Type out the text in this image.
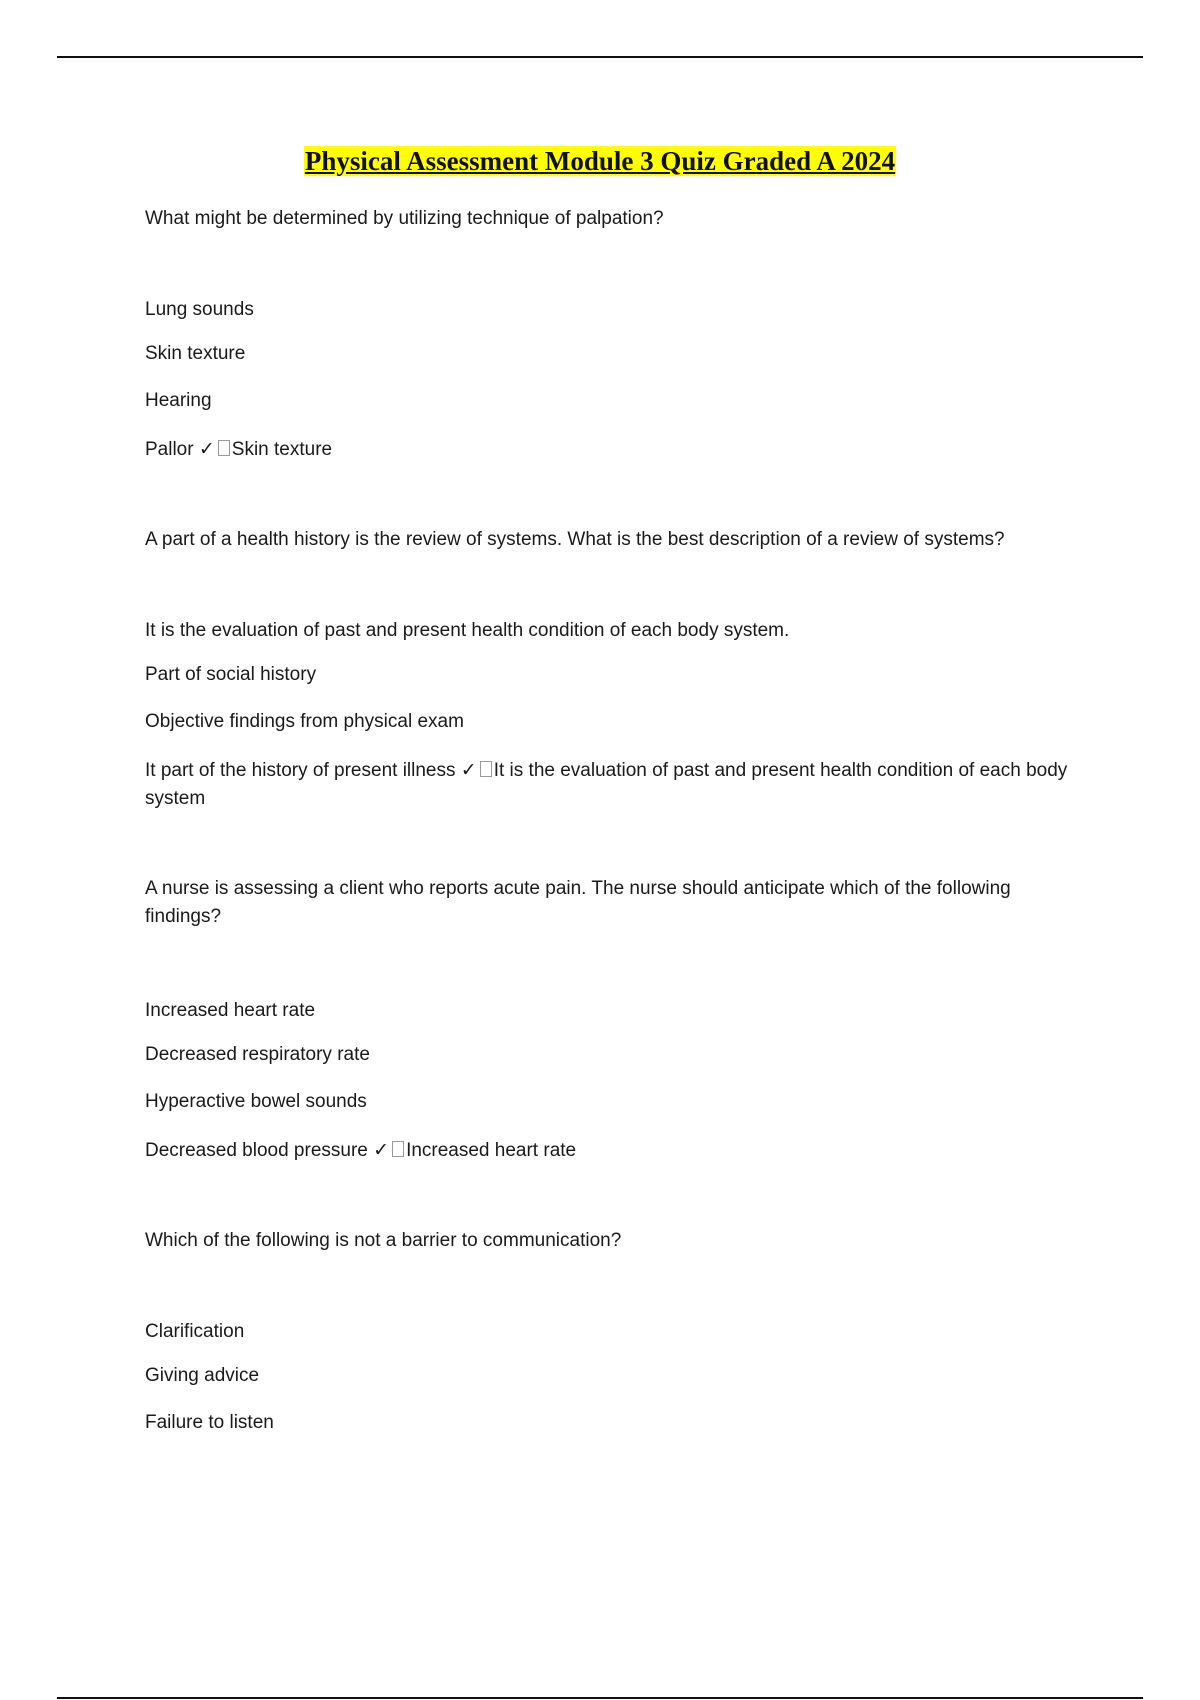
Physical Assessment Module 3 Quiz Graded A 2024
What might be determined by utilizing technique of palpation?
Lung sounds
Skin texture
Hearing
Pallor ✓ Skin texture
A part of a health history is the review of systems. What is the best description of a review of systems?
It is the evaluation of past and present health condition of each body system.
Part of social history
Objective findings from physical exam
It part of the history of present illness ✓ It is the evaluation of past and present health condition of each body system
A nurse is assessing a client who reports acute pain. The nurse should anticipate which of the following findings?
Increased heart rate
Decreased respiratory rate
Hyperactive bowel sounds
Decreased blood pressure ✓ Increased heart rate
Which of the following is not a barrier to communication?
Clarification
Giving advice
Failure to listen
